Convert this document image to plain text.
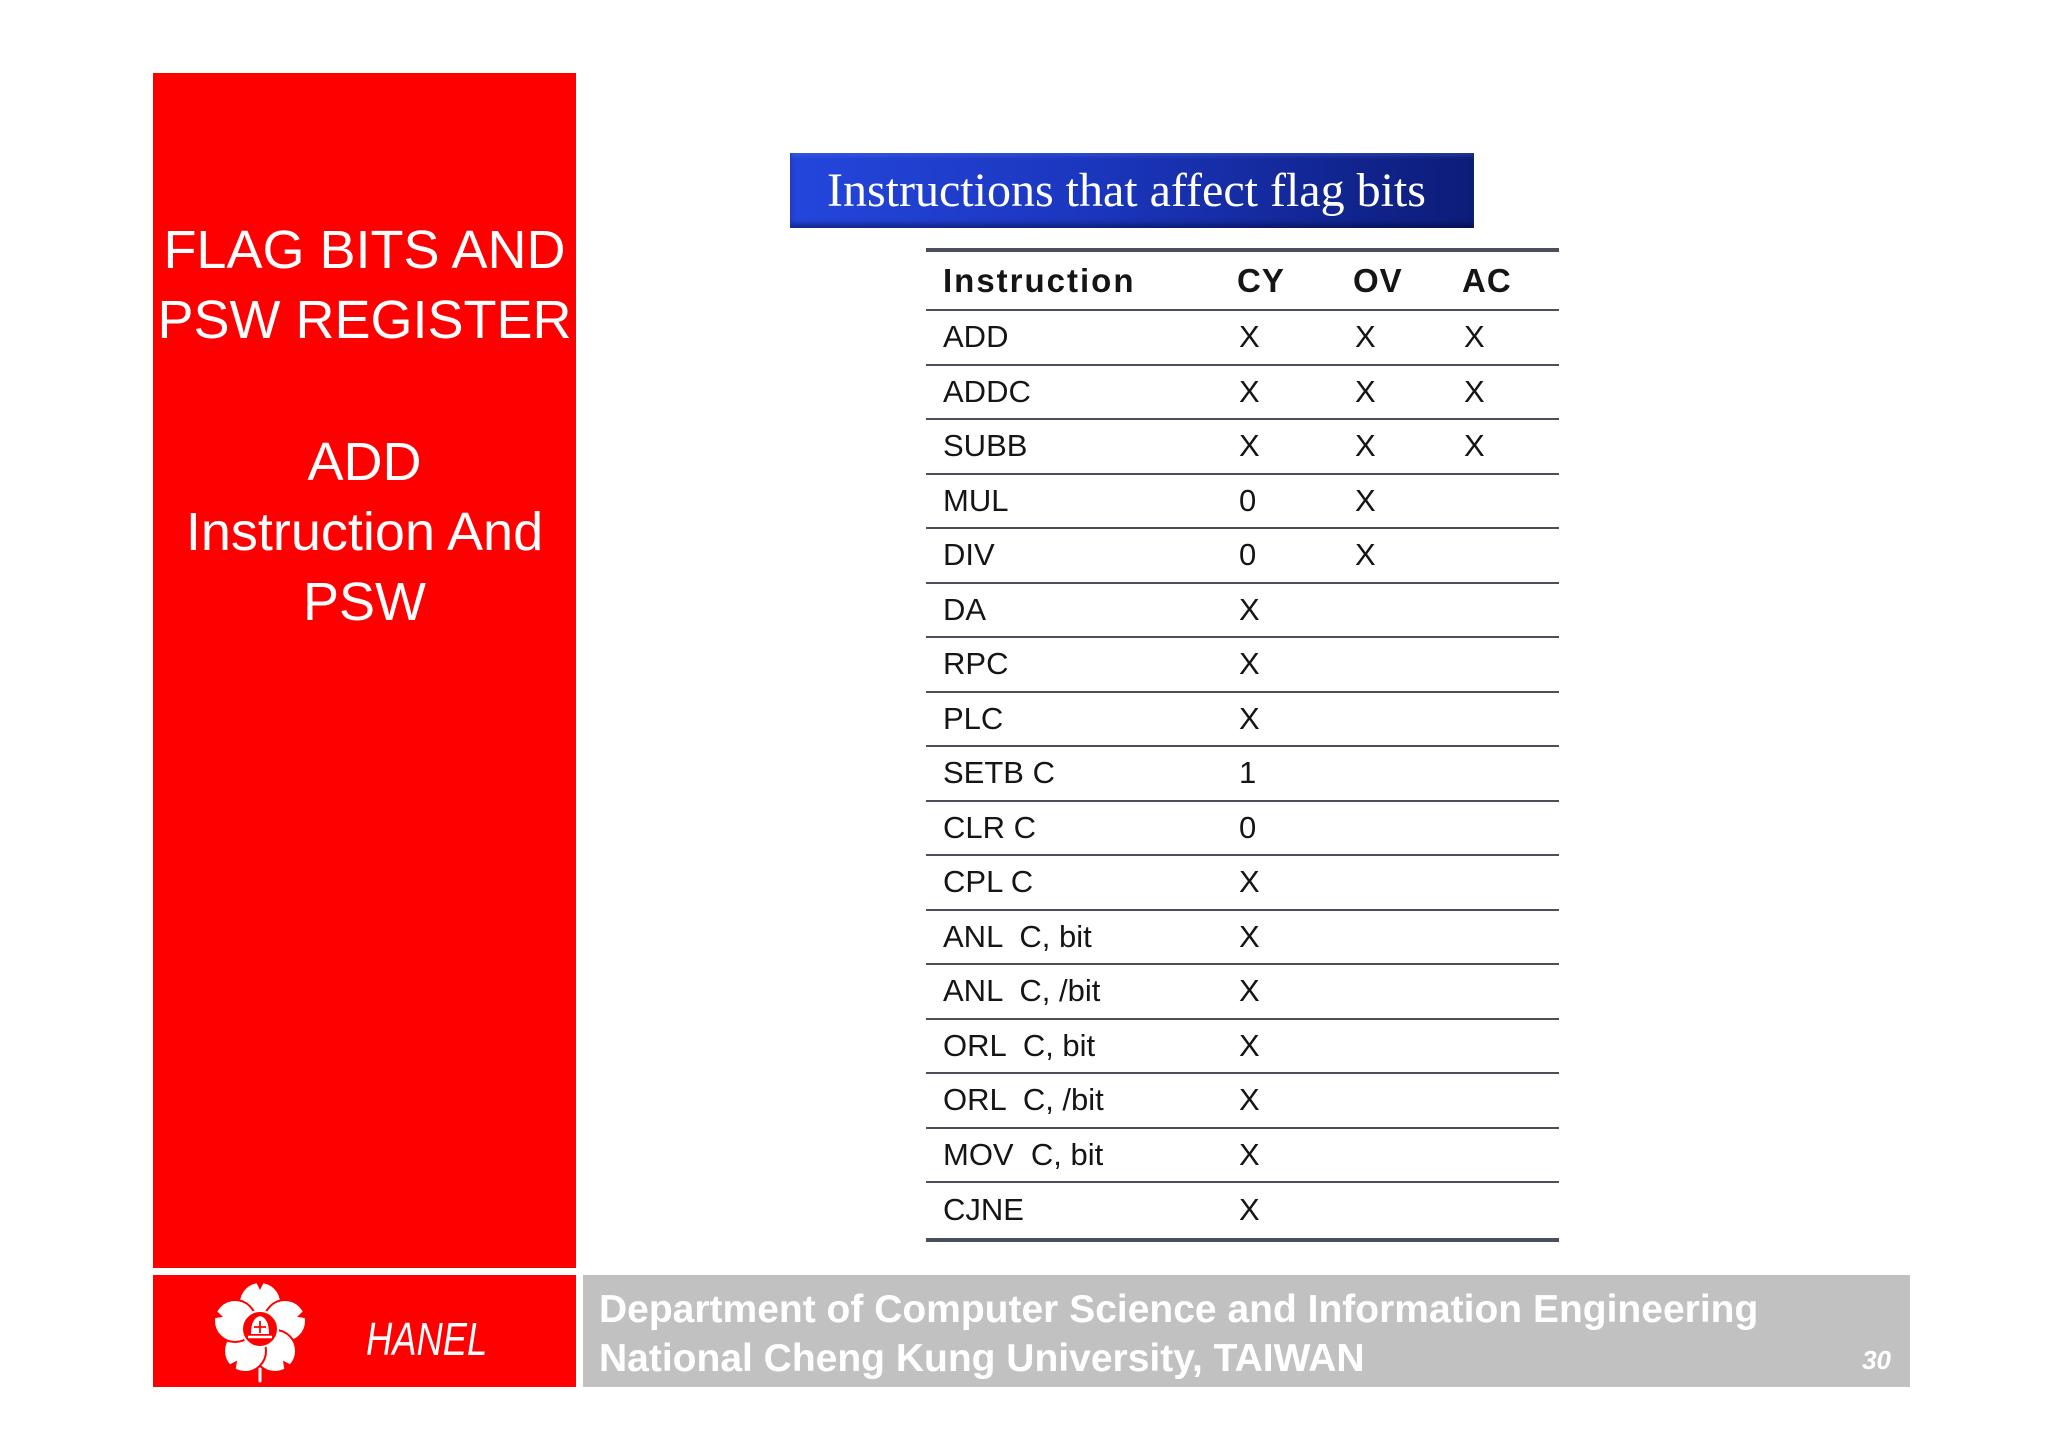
FLAG BITS AND
PSW REGISTER
ADD
Instruction And
PSW
Instructions that affect flag bits
Instruction	CY	OV	AC
ADD	X	X	X
ADDC	X	X	X
SUBB	X	X	X
MUL	0	X
DIV	0	X
DA	X
RPC	X
PLC	X
SETB C	1
CLR C	0
CPL C	X
ANL  C, bit	X
ANL  C, /bit	X
ORL  C, bit	X
ORL  C, /bit	X
MOV  C, bit	X
CJNE	X
HANEL
Department of Computer Science and Information Engineering
National Cheng Kung University, TAIWAN	30
